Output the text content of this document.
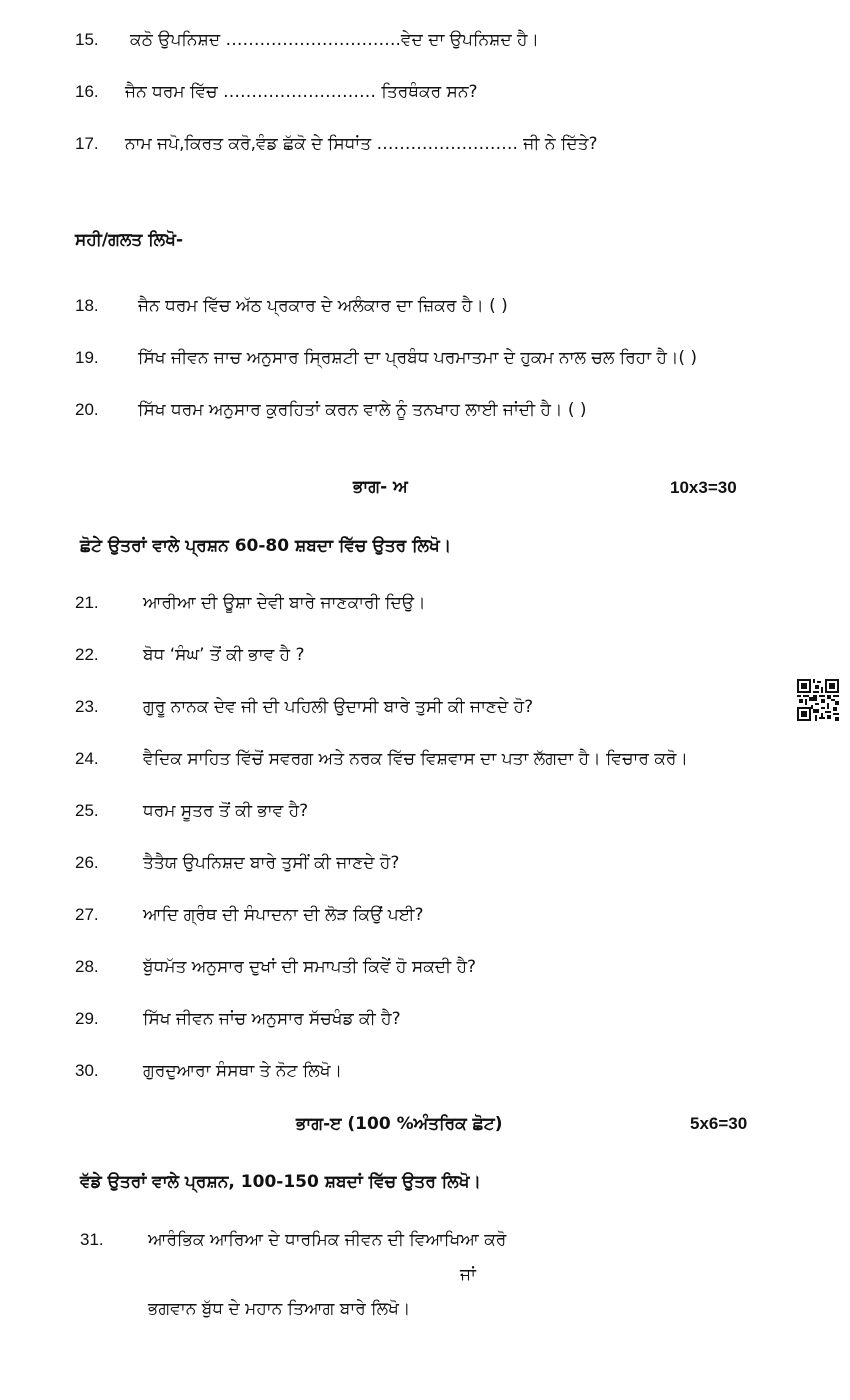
15. ਕਠੋ ਉਪਨਿਸ਼ਦ ………………………….ਵੇਦ ਦਾ ਉਪਨਿਸ਼ਦ ਹੈ।
16. ਜੈਨ ਧਰਮ ਵਿੱਚ ……………………… ਤਿਰਥੰਕਰ ਸਨ?
17. ਨਾਮ ਜਪੋ,ਕਿਰਤ ਕਰੋ,ਵੰਡ ਛੱਕੋ ਦੇ ਸਿਧਾਂਤ ……………………. ਜੀ ਨੇ ਦਿੱਤੇ?
ਸਹੀ/ਗਲਤ ਲਿਖੋ-
18. ਜੈਨ ਧਰਮ ਵਿੱਚ ਅੱਠ ਪ੍ਰਕਾਰ ਦੇ ਅਲੰਕਾਰ ਦਾ ਜ਼ਿਕਰ ਹੈ। ( )
19. ਸਿੱਖ ਜੀਵਨ ਜਾਚ ਅਨੁਸਾਰ ਸ੍ਰਿਸ਼ਟੀ ਦਾ ਪ੍ਰਬੰਧ ਪਰਮਾਤਮਾ ਦੇ ਹੁਕਮ ਨਾਲ ਚਲ ਰਿਹਾ ਹੈ।( )
20. ਸਿੱਖ ਧਰਮ ਅਨੁਸਾਰ ਕੁਰਹਿਤਾਂ ਕਰਨ ਵਾਲੇ ਨੂੰ ਤਨਖਾਹ ਲਾਈ ਜਾਂਦੀ ਹੈ। ( )
ਭਾਗ- ਅ	10x3=30
ਛੋਟੇ ਉਤਰਾਂ ਵਾਲੇ ਪ੍ਰਸ਼ਨ 60-80 ਸ਼ਬਦਾ ਵਿੱਚ ਉਤਰ ਲਿਖੋ।
21.	ਆਰੀਆ ਦੀ ਊਸ਼ਾ ਦੇਵੀ ਬਾਰੇ ਜਾਣਕਾਰੀ ਦਿਉ।
22.	ਬੋਧ ‘ਸੰਘ’ ਤੋਂ ਕੀ ਭਾਵ ਹੈ ?
23.	ਗੁਰੂ ਨਾਨਕ ਦੇਵ ਜੀ ਦੀ ਪਹਿਲੀ ਉਦਾਸੀ ਬਾਰੇ ਤੁਸੀ ਕੀ ਜਾਣਦੇ ਹੋ?
24.	ਵੈਦਿਕ ਸਾਹਿਤ ਵਿੱਚੋਂ ਸਵਰਗ ਅਤੇ ਨਰਕ ਵਿੱਚ ਵਿਸ਼ਵਾਸ ਦਾ ਪਤਾ ਲੱਗਦਾ ਹੈ। ਵਿਚਾਰ ਕਰੋ।
25.	ਧਰਮ ਸੂਤਰ ਤੋਂ ਕੀ ਭਾਵ ਹੈ?
26.	ਤੈਤੈਯ ਉਪਨਿਸ਼ਦ ਬਾਰੇ ਤੁਸੀਂ ਕੀ ਜਾਣਦੇ ਹੋ?
27.	ਆਦਿ ਗ੍ਰੰਥ ਦੀ ਸੰਪਾਦਨਾ ਦੀ ਲੋੜ ਕਿਉਂ ਪਈ?
28.	ਬੁੱਧਮੱਤ ਅਨੁਸਾਰ ਦੁਖਾਂ ਦੀ ਸਮਾਪਤੀ ਕਿਵੇਂ ਹੋ ਸਕਦੀ ਹੈ?
29.	ਸਿੱਖ ਜੀਵਨ ਜਾਂਚ ਅਨੁਸਾਰ ਸੱਚਖੰਡ ਕੀ ਹੈ?
30.	ਗੁਰਦੁਆਰਾ ਸੰਸਥਾ ਤੇ ਨੋਟ ਲਿਖੋ।
ਭਾਗ-ੲ (100 %ਅੰਤਰਿਕ ਛੋਟ)	5x6=30
ਵੱਡੇ ਉਤਰਾਂ ਵਾਲੇ ਪ੍ਰਸ਼ਨ, 100-150 ਸ਼ਬਦਾਂ ਵਿੱਚ ਉਤਰ ਲਿਖੋ।
31.	ਆਰੰਭਿਕ ਆਰਿਆ ਦੇ ਧਾਰਮਿਕ ਜੀਵਨ ਦੀ ਵਿਆਖਿਆ ਕਰੋ
ਜਾਂ
ਭਗਵਾਨ ਬੁੱਧ ਦੇ ਮਹਾਨ ਤਿਆਗ ਬਾਰੇ ਲਿਖੋ।
